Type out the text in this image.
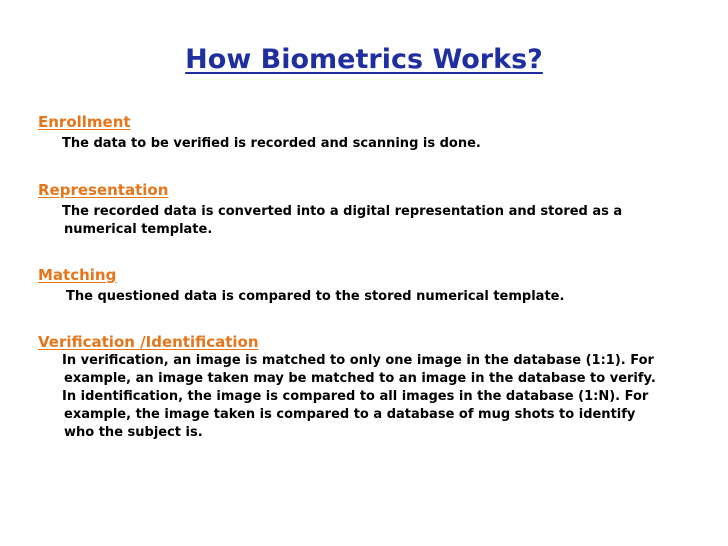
How Biometrics Works?
Enrollment
The data to be verified is recorded and scanning is done.
Representation
The recorded data is converted into a digital representation and stored as a
numerical template.
Matching
The questioned data is compared to the stored numerical template.
Verification /Identification
In verification, an image is matched to only one image in the database (1:1). For
example, an image taken may be matched to an image in the database to verify.
In identification, the image is compared to all images in the database (1:N). For
example, the image taken is compared to a database of mug shots to identify
who the subject is.
